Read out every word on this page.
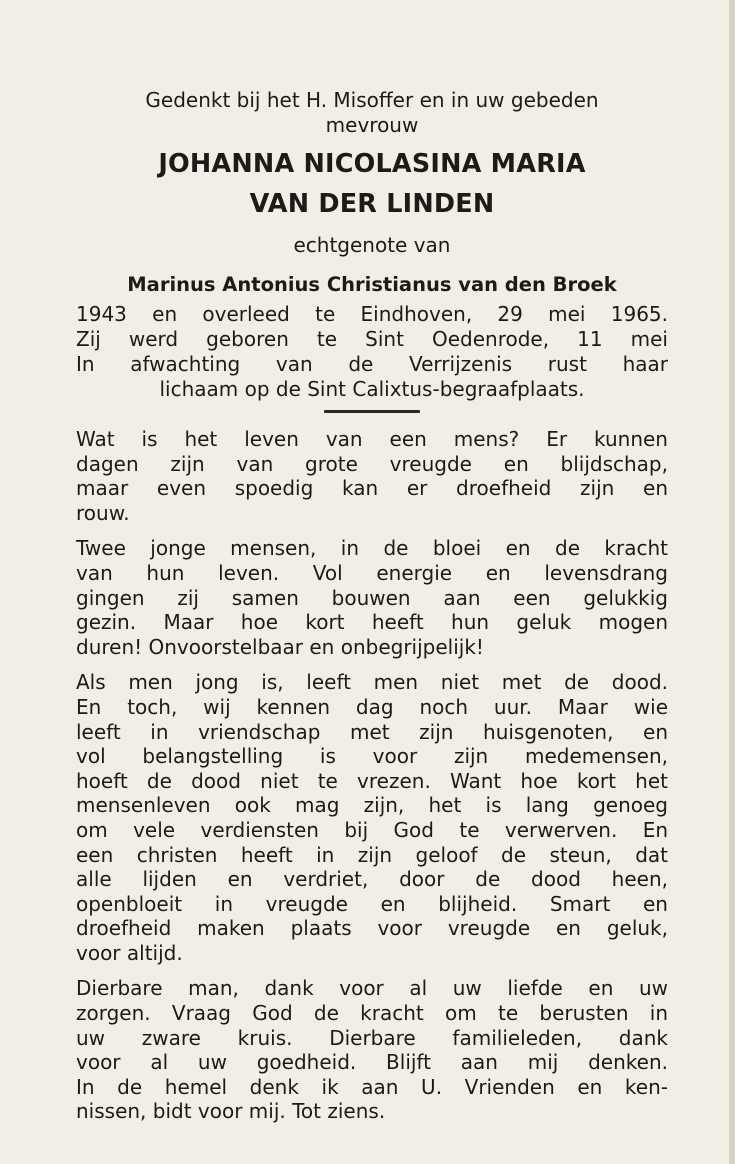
Gedenkt bij het H. Misoffer en in uw gebeden

mevrouw

JOHANNA NICOLASINA MARIA

VAN DER LINDEN

echtgenote van

Marinus Antonius Christianus van den Broek

1943 en overleed te Eindhoven, 29 mei 1965.
Zij werd geboren te Sint Oedenrode, 11 mei
In afwachting van de Verrijzenis rust haar
lichaam op de Sint Calixtus-begraafplaats.
Wat is het leven van een mens? Er kunnen
dagen zijn van grote vreugde en blijdschap,
maar even spoedig kan er droefheid zijn en
rouw.
Twee jonge mensen, in de bloei en de kracht
van hun leven. Vol energie en levensdrang
gingen zij samen bouwen aan een gelukkig
gezin. Maar hoe kort heeft hun geluk mogen
duren! Onvoorstelbaar en onbegrijpelijk!
Als men jong is, leeft men niet met de dood.
En toch, wij kennen dag noch uur. Maar wie
leeft in vriendschap met zijn huisgenoten, en
vol belangstelling is voor zijn medemensen,
hoeft de dood niet te vrezen. Want hoe kort het
mensenleven ook mag zijn, het is lang genoeg
om vele verdiensten bij God te verwerven. En
een christen heeft in zijn geloof de steun, dat
alle lijden en verdriet, door de dood heen,
openbloeit in vreugde en blijheid. Smart en
droefheid maken plaats voor vreugde en geluk,
voor altijd.
Dierbare man, dank voor al uw liefde en uw
zorgen. Vraag God de kracht om te berusten in
uw zware kruis. Dierbare familieleden, dank
voor al uw goedheid. Blijft aan mij denken.
In de hemel denk ik aan U. Vrienden en ken-
nissen, bidt voor mij. Tot ziens.
